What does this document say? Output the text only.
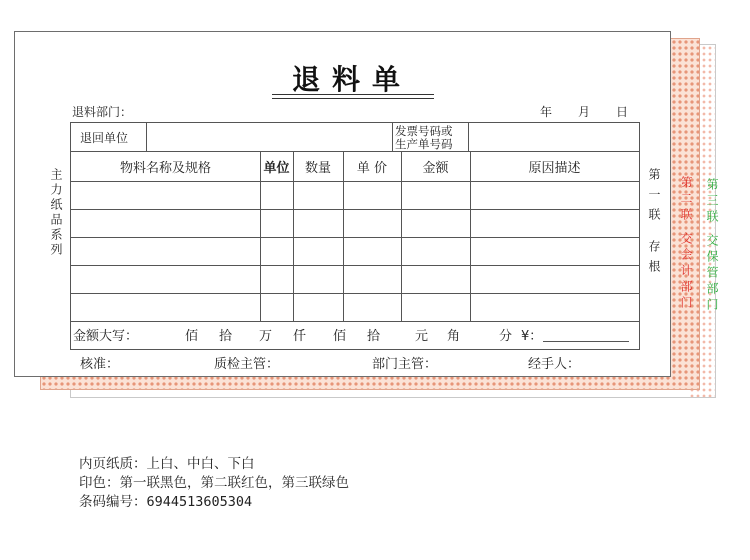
第三联 交保管部门
第二联 交会计部门
退料单
退料部门：	年 月 日
主力纸品系列	第一联 存根
退回单位	发票号码或
生产单号码
物料名称及规格	单位	数量	单 价	金额	原因描述
金额大写：	佰 拾 万 仟 佰 拾	元 角	分 ¥：
核准：	质检主管：	部门主管：	经手人：
内页纸质：上白、中白、下白
印色：第一联黑色，第二联红色，第三联绿色
条码编号：6944513605304
